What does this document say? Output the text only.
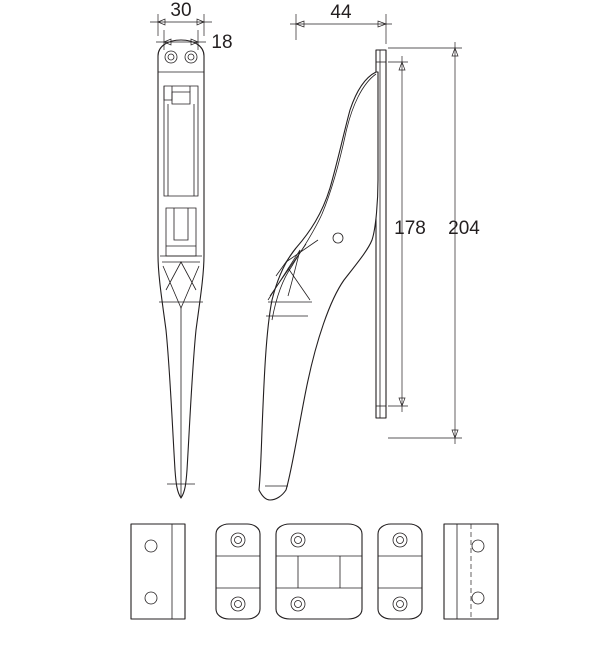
30
18
44
178 204
